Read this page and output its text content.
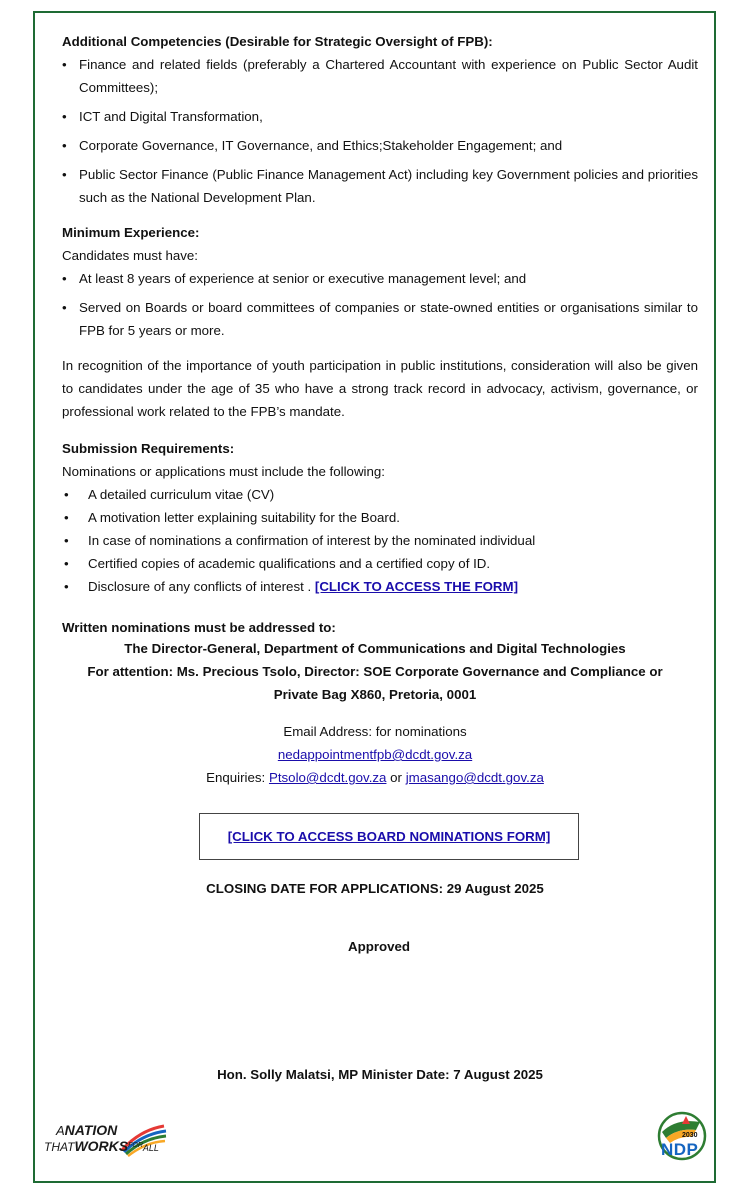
Additional Competencies (Desirable for Strategic Oversight of FPB):
• Finance and related fields (preferably a Chartered Accountant with experience on Public Sector Audit Committees);
• ICT and Digital Transformation,
• Corporate Governance, IT Governance, and Ethics;Stakeholder Engagement; and
• Public Sector Finance (Public Finance Management Act) including key Government policies and priorities such as the National Development Plan.
Minimum Experience:
Candidates must have:
• At least 8 years of experience at senior or executive management level; and
• Served on Boards or board committees of companies or state-owned entities or organisations similar to FPB for 5 years or more.

In recognition of the importance of youth participation in public institutions, consideration will also be given to candidates under the age of 35 who have a strong track record in advocacy, activism, governance, or professional work related to the FPB’s mandate.

Submission Requirements:
Nominations or applications must include the following:
• A detailed curriculum vitae (CV)
• A motivation letter explaining suitability for the Board.
• In case of nominations a confirmation of interest by the nominated individual
• Certified copies of academic qualifications and a certified copy of ID.
• Disclosure of any conflicts of interest . [CLICK TO ACCESS THE FORM]
Written nominations must be addressed to:
The Director-General, Department of Communications and Digital Technologies
For attention: Ms. Precious Tsolo, Director: SOE Corporate Governance and Compliance or
Private Bag X860, Pretoria, 0001
Email Address: for nominations
nedappointmentfpb@dcdt.gov.za
Enquiries: Ptsolo@dcdt.gov.za or jmasango@dcdt.gov.za
[CLICK TO ACCESS BOARD NOMINATIONS FORM]
CLOSING DATE FOR APPLICATIONS: 29 August 2025
Approved
Hon. Solly Malatsi, MP Minister Date: 7 August 2025
ANATION
$THATWORKS^{FOR}ALL$
2030
NDP
